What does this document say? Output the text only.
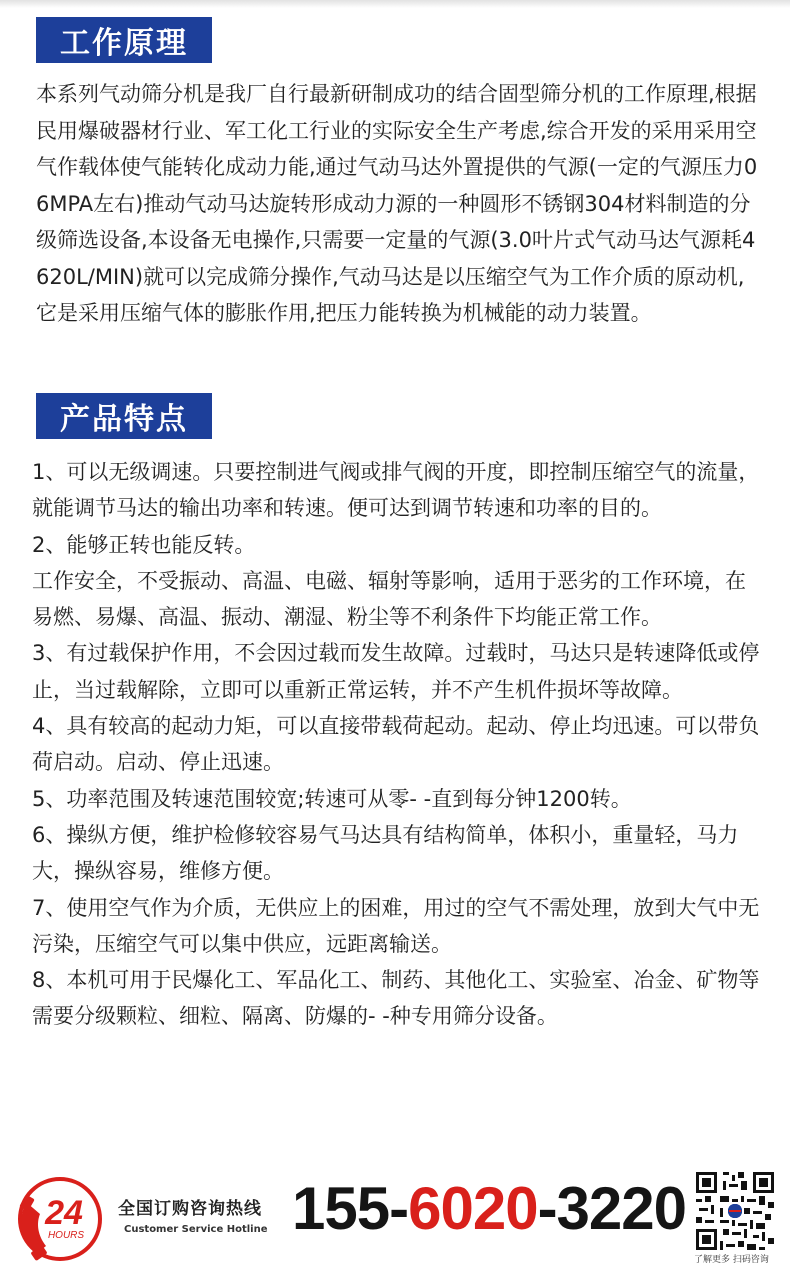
工作原理

本系列气动筛分机是我厂自行最新研制成功的结合固型筛分机的工作原理,根据民用爆破器材行业、军工化工行业的实际安全生产考虑,综合开发的采用采用空气作载体使气能转化成动力能,通过气动马达外置提供的气源(一定的气源压力06MPA左右)推动气动马达旋转形成动力源的一种圆形不锈钢304材料制造的分级筛选设备,本设备无电操作,只需要一定量的气源(3.0叶片式气动马达气源耗4620L/MIN)就可以完成筛分操作,气动马达是以压缩空气为工作介质的原动机,它是采用压缩气体的膨胀作用,把压力能转换为机械能的动力装置。

产品特点
1、可以无级调速。只要控制进气阀或排气阀的开度，即控制压缩空气的流量，就能调节马达的输出功率和转速。便可达到调节转速和功率的目的。
2、能够正转也能反转。
工作安全，不受振动、高温、电磁、辐射等影响，适用于恶劣的工作环境，在易燃、易爆、高温、振动、潮湿、粉尘等不利条件下均能正常工作。
3、有过载保护作用，不会因过载而发生故障。过载时，马达只是转速降低或停止，当过载解除，立即可以重新正常运转，并不产生机件损坏等故障。
4、具有较高的起动力矩，可以直接带载荷起动。起动、停止均迅速。可以带负荷启动。启动、停止迅速。
5、功率范围及转速范围较宽;转速可从零- -直到每分钟1200转。
6、操纵方便，维护检修较容易气马达具有结构简单，体积小，重量轻，马力大，操纵容易，维修方便。
7、使用空气作为介质，无供应上的困难，用过的空气不需处理，放到大气中无污染，压缩空气可以集中供应，远距离输送。
8、本机可用于民爆化工、军品化工、制药、其他化工、实验室、冶金、矿物等需要分级颗粒、细粒、隔离、防爆的- -种专用筛分设备。
24
HOURS
全国订购咨询热线
Customer Service Hotline 155-6020-3220
了解更多 扫码咨询
